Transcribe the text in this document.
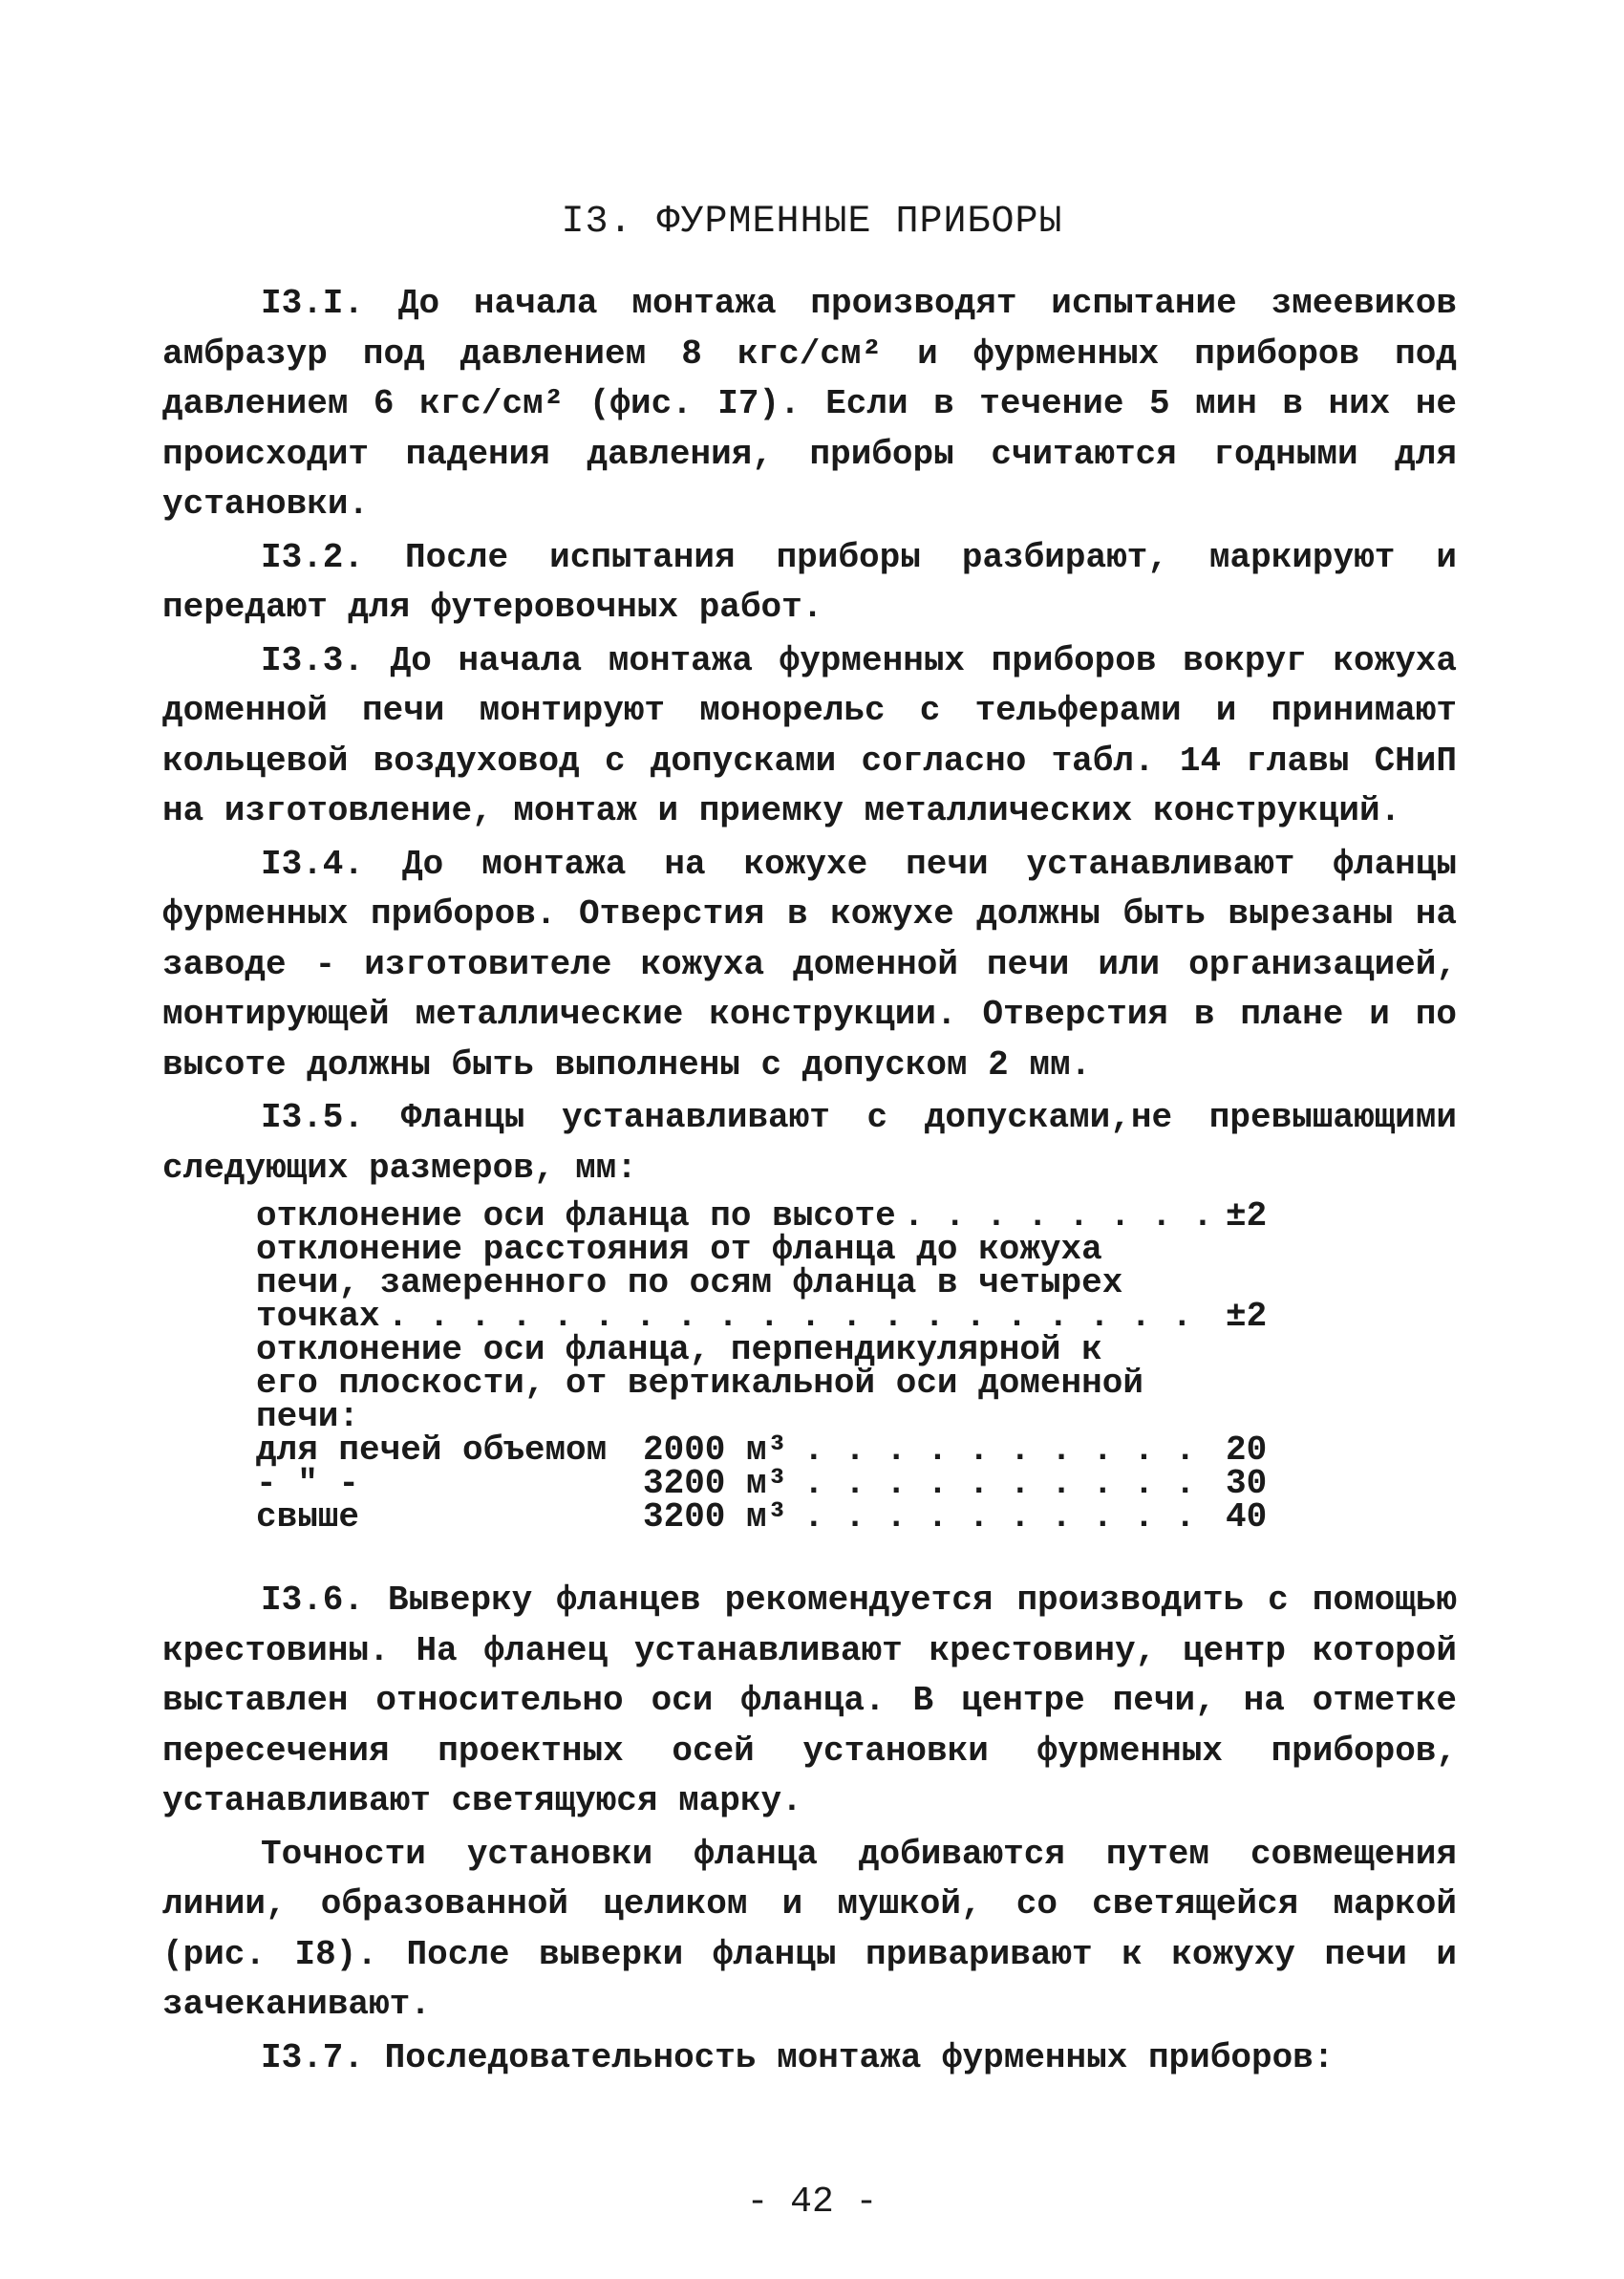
I3. ФУРМЕННЫЕ ПРИБОРЫ

I3.I. До начала монтажа производят испытание змеевиков амбразур под давлением 8 кгс/см² и фурменных приборов под давлением 6 кгс/см² (фис. I7). Если в течение 5 мин в них не происходит падения давления, приборы считаются годными для установки.

I3.2. После испытания приборы разбирают, маркируют и передают для футеровочных работ.

I3.3. До начала монтажа фурменных приборов вокруг кожуха доменной печи монтируют монорельс с тельферами и принимают кольцевой воздуховод с допусками согласно табл. 14 главы СНиП на изготовление, монтаж и приемку металлических конструкций.

I3.4. До монтажа на кожухе печи устанавливают фланцы фурменных приборов. Отверстия в кожухе должны быть вырезаны на заводе - изготовителе кожуха доменной печи или организацией, монтирующей металлические конструкции. Отверстия в плане и по высоте должны быть выполнены с допуском 2 мм.

I3.5. Фланцы устанавливают с допусками,не превышающими следующих размеров, мм:

отклонение оси фланца по высоте . . .	±2
отклонение расстояния от фланца до кожуха
печи, замеренного по осям фланца в четырех
точках . . .	±2
отклонение оси фланца, перпендикулярной к
его плоскости, от вертикальной оси доменной
печи:
для печей объемом	2000 м³ . . .	20
- " -	3200 м³ . . .	30
свыше	3200 м³ . . .	40

I3.6. Выверку фланцев рекомендуется производить с помощью крестовины. На фланец устанавливают крестовину, центр которой выставлен относительно оси фланца. В центре печи, на отметке пересечения проектных осей установки фурменных приборов, устанавливают светящуюся марку.

Точности установки фланца добиваются путем совмещения линии, образованной целиком и мушкой, со светящейся маркой (рис. I8). После выверки фланцы приваривают к кожуху печи и зачеканивают.

I3.7. Последовательность монтажа фурменных приборов:

- 42 -
